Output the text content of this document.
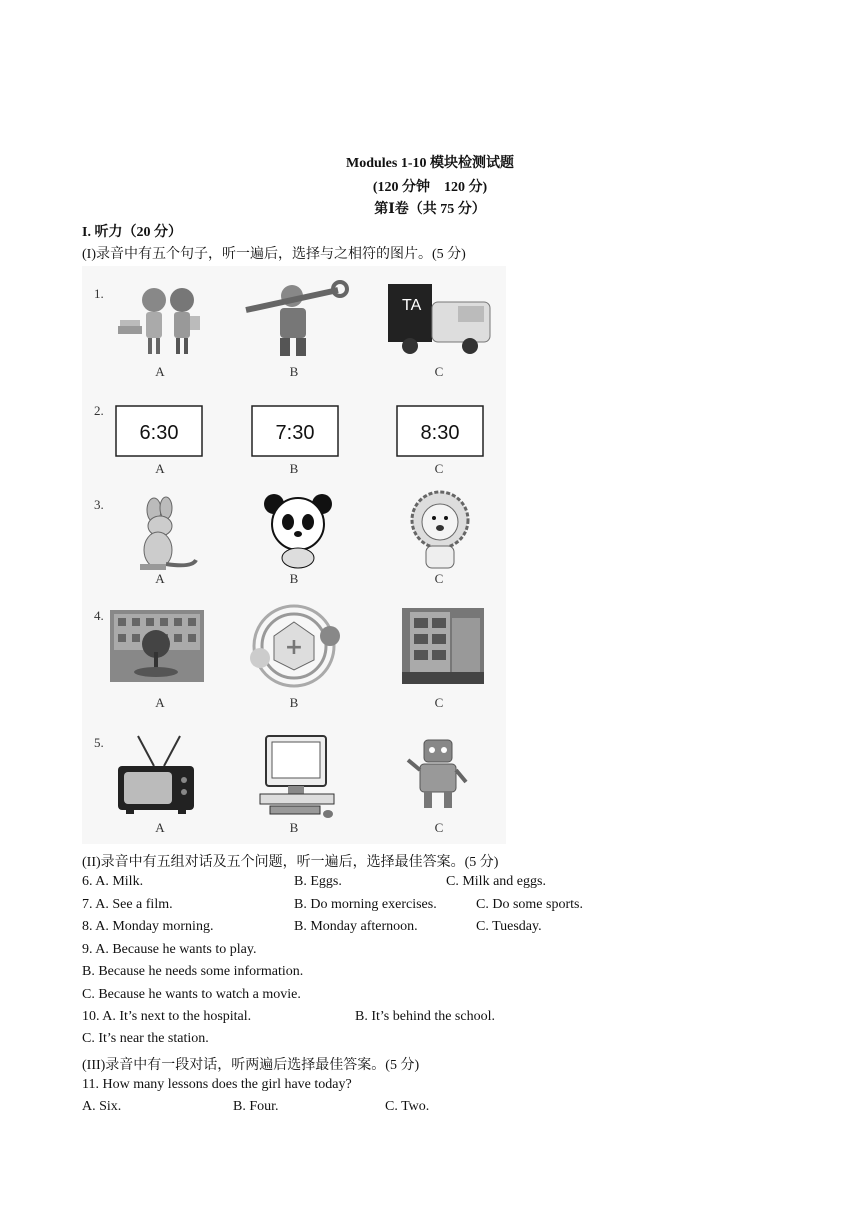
Modules 1-10 模块检测试题
(120 分钟　120 分)
第Ⅰ卷（共 75 分）
I. 听力（20 分）
(I)录音中有五个句子，听一遍后，选择与之相符的图片。(5 分)
1.
TA
A	B	C
2.
6:30	7:30	8:30
A	B	C
3.
A	B	C
4.
+
A	B	C
5.
A	B	C
(II)录音中有五组对话及五个问题，听一遍后，选择最佳答案。(5 分)
6. A. Milk.	B. Eggs.	C. Milk and eggs.
7. A. See a film.	B. Do morning exercises.	C. Do some sports.
8. A. Monday morning.	B. Monday afternoon.	C. Tuesday.
9. A. Because he wants to play.
B. Because he needs some information.
C. Because he wants to watch a movie.
10. A. It’s next to the hospital.	B. It’s behind the school.
C. It’s near the station.
(III)录音中有一段对话，听两遍后选择最佳答案。(5 分)
11. How many lessons does the girl have today?
A. Six.	B. Four.	C. Two.
